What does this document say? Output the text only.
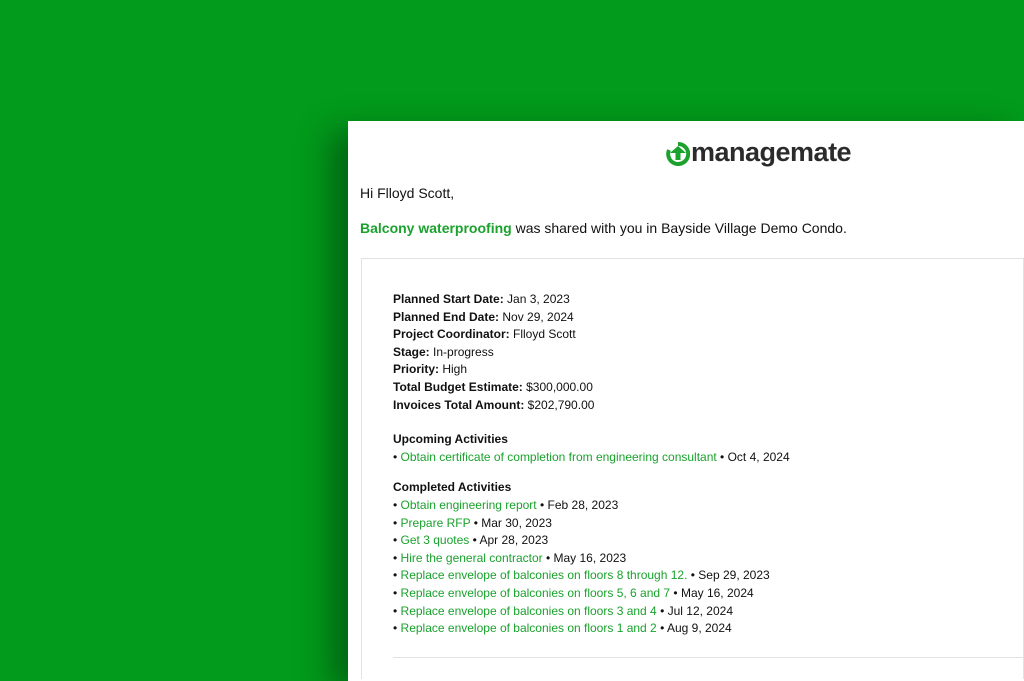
managemate
Hi Flloyd Scott,
Balcony waterproofing was shared with you in Bayside Village Demo Condo.
Planned Start Date: Jan 3, 2023
Planned End Date: Nov 29, 2024
Project Coordinator: Flloyd Scott
Stage: In-progress
Priority: High
Total Budget Estimate: $300,000.00
Invoices Total Amount: $202,790.00
Upcoming Activities
• Obtain certificate of completion from engineering consultant • Oct 4, 2024
Completed Activities
• Obtain engineering report • Feb 28, 2023
• Prepare RFP • Mar 30, 2023
• Get 3 quotes • Apr 28, 2023
• Hire the general contractor • May 16, 2023
• Replace envelope of balconies on floors 8 through 12. • Sep 29, 2023
• Replace envelope of balconies on floors 5, 6 and 7 • May 16, 2024
• Replace envelope of balconies on floors 3 and 4 • Jul 12, 2024
• Replace envelope of balconies on floors 1 and 2 • Aug 9, 2024
